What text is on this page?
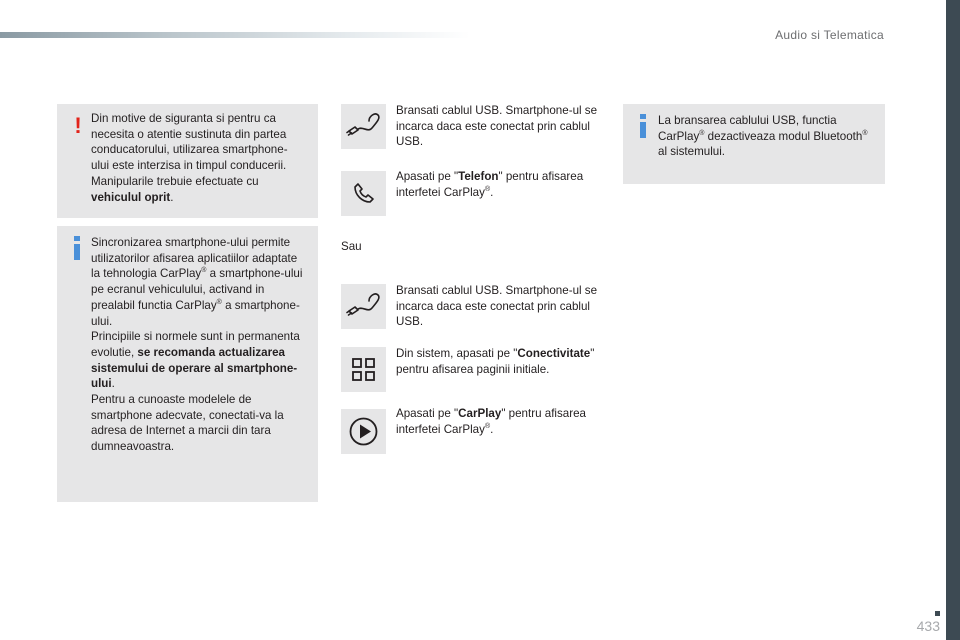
Audio si Telematica
! Din motive de siguranta si pentru ca necesita o atentie sustinuta din partea conducatorului, utilizarea smartphone-ului este interzisa in timpul conducerii. Manipularile trebuie efectuate cu vehiculul oprit.
Sincronizarea smartphone-ului permite utilizatorilor afisarea aplicatiilor adaptate la tehnologia CarPlay® a smartphone-ului pe ecranul vehiculului, activand in prealabil functia CarPlay® a smartphone-ului.
Principiile si normele sunt in permanenta evolutie, se recomanda actualizarea sistemului de operare al smartphone-ului.
Pentru a cunoaste modelele de smartphone adecvate, conectati-va la adresa de Internet a marcii din tara dumneavoastra.
Bransati cablul USB. Smartphone-ul se incarca daca este conectat prin cablul USB.
Apasati pe "Telefon" pentru afisarea interfetei CarPlay®.
Sau
Bransati cablul USB. Smartphone-ul se incarca daca este conectat prin cablul USB.
Din sistem, apasati pe "Conectivitate" pentru afisarea paginii initiale.
Apasati pe "CarPlay" pentru afisarea interfetei CarPlay®.
La bransarea cablului USB, functia CarPlay® dezactiveaza modul Bluetooth® al sistemului.
433
